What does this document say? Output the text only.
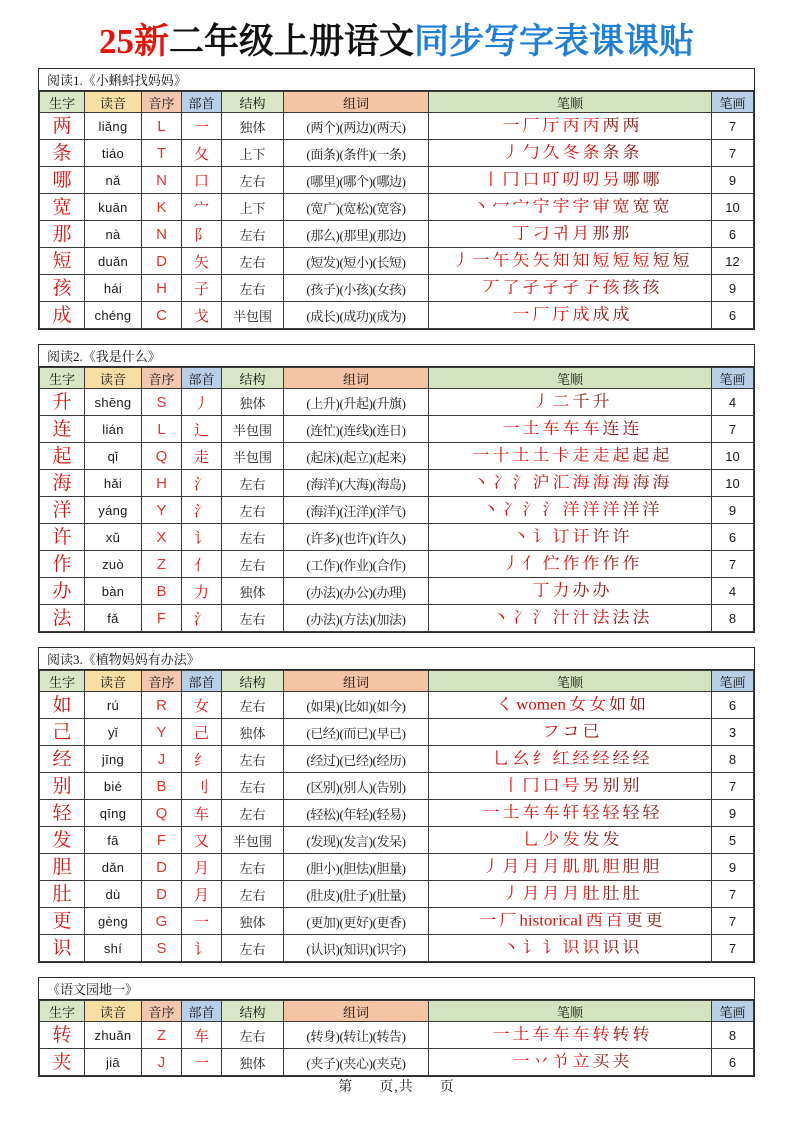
25新二年级上册语文同步写字表课课贴
阅读1.《小蝌蚪找妈妈》
生字	读音	音序	部首	结构	组词	笔顺	笔画
两	liǎng	L	一	独体	(两个)(两边)(两天)	一 厂 厅 丙 丙 两 两	7
条	tiáo	T	夂	上下	(面条)(条件)(一条)	丿 勹 久 冬 条 条 条	7
哪	nǎ	N	口	左右	(哪里)(哪个)(哪边)	丨 冂 口 叮 叨 叨 叧 哪 哪	9
宽	kuān	K	宀	上下	(宽广)(宽松)(宽容)	丶 冖 宀 宁 宇 宇 审 宽 宽 宽	10
那	nà	N	阝	左右	(那么)(那里)(那边)	丁 刁 귀 月 那 那	6
短	duǎn	D	矢	左右	(短发)(短小)(长短)	丿 一 午 矢 矢 知 知 短 短 短 短 短	12
孩	hái	H	子	左右	(孩子)(小孩)(女孩)	丆 了 孑 孑 孑 孒 孩 孩 孩	9
成	chéng	C	戈	半包围	(成长)(成功)(成为)	一 厂 厅 成 成 成	6
阅读2.《我是什么》
生字	读音	音序	部首	结构	组词	笔顺	笔画
升	shēng	S	丿	独体	(上升)(升起)(升旗)	丿 二 千 升	4
连	lián	L	辶	半包围	(连忙)(连线)(连日)	一 土 车 车 车 连 连	7
起	qǐ	Q	走	半包围	(起床)(起立)(起来)	一 十 土 土 卡 走 走 起 起 起	10
海	hǎi	H	氵	左右	(海洋)(大海)(海岛)	丶 冫 氵 沪 汇 海 海 海 海 海	10
洋	yáng	Y	氵	左右	(海洋)(汪洋)(洋气)	丶 冫 氵 氵 洋 洋 洋 洋 洋	9
许	xǔ	X	讠	左右	(许多)(也许)(许久)	丶 讠 订 讦 许 许	6
作	zuò	Z	亻	左右	(工作)(作业)(合作)	丿 亻 伫 作 作 作 作	7
办	bàn	B	力	独体	(办法)(办公)(办理)	丁 力 办 办	4
法	fǎ	F	氵	左右	(办法)(方法)(加法)	丶 冫 氵 汁 汁 法 法 法	8
阅读3.《植物妈妈有办法》
生字	读音	音序	部首	结构	组词	笔顺	笔画
如	rú	R	女	左右	(如果)(比如)(如今)	く women 女 女 如 如	6
己	yǐ	Y	己	独体	(已经)(而已)(早已)	フ コ 已	3
经	jīng	J	纟	左右	(经过)(已经)(经历)	乚 幺 纟 红 经 经 经 经	8
别	bié	B	刂	左右	(区别)(别人)(告别)	丨 冂 口 号 另 别 别	7
轻	qīng	Q	车	左右	(轻松)(年轻)(轻易)	一 土 车 车 轩 轻 轻 轻 轻	9
发	fā	F	又	半包围	(发现)(发言)(发呆)	乚 少 发 发 发	5
胆	dǎn	D	月	左右	(胆小)(胆怯)(胆量)	丿 月 月 月 肌 肌 胆 胆 胆	9
肚	dù	D	月	左右	(肚皮)(肚子)(肚量)	丿 月 月 月 肚 肚 肚	7
更	gèng	G	一	独体	(更加)(更好)(更香)	一 厂 historical 西 百 更 更	7
识	shí	S	讠	左右	(认识)(知识)(识字)	丶 讠 讠 识 识 识 识	7
《语文园地一》
生字	读音	音序	部首	结构	组词	笔顺	笔画
转	zhuǎn	Z	车	左右	(转身)(转让)(转告)	一 土 车 车 车 转 转 转	8
夹	jiā	J	一	独体	(夹子)(夹心)(夹克)	一 丷 兯 立 买 夹	6
第 页,共 页
